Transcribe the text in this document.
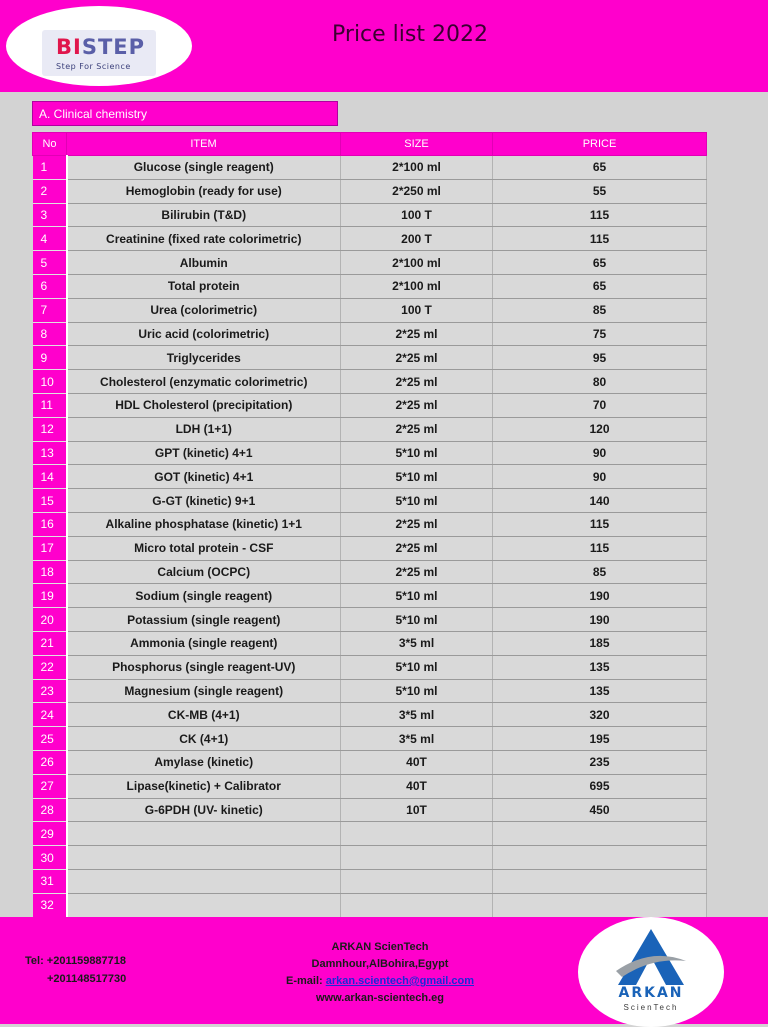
BISTEP
Step For Science
Price list 2022
A. Clinical chemistry
No	ITEM	SIZE	PRICE
1	Glucose (single reagent)	2*100 ml	65
2	Hemoglobin (ready for use)	2*250 ml	55
3	Bilirubin (T&D)	100 T	115
4	Creatinine (fixed rate colorimetric)	200 T	115
5	Albumin	2*100 ml	65
6	Total protein	2*100 ml	65
7	Urea (colorimetric)	100 T	85
8	Uric acid (colorimetric)	2*25 ml	75
9	Triglycerides	2*25 ml	95
10	Cholesterol (enzymatic colorimetric)	2*25 ml	80
11	HDL Cholesterol (precipitation)	2*25 ml	70
12	LDH (1+1)	2*25 ml	120
13	GPT (kinetic) 4+1	5*10 ml	90
14	GOT (kinetic) 4+1	5*10 ml	90
15	G-GT (kinetic) 9+1	5*10 ml	140
16	Alkaline phosphatase (kinetic) 1+1	2*25 ml	115
17	Micro total protein - CSF	2*25 ml	115
18	Calcium (OCPC)	2*25 ml	85
19	Sodium (single reagent)	5*10 ml	190
20	Potassium (single reagent)	5*10 ml	190
21	Ammonia (single reagent)	3*5 ml	185
22	Phosphorus (single reagent-UV)	5*10 ml	135
23	Magnesium (single reagent)	5*10 ml	135
24	CK-MB (4+1)	3*5 ml	320
25	CK (4+1)	3*5 ml	195
26	Amylase (kinetic)	40T	235
27	Lipase(kinetic) + Calibrator	40T	695
28	G-6PDH (UV- kinetic)	10T	450
29			
30			
31			
32			
Tel: +201159887718
+201148517730
ARKAN ScienTech
Damnhour,AlBohira,Egypt
E-mail: arkan.scientech@gmail.com
www.arkan-scientech.eg	ARKAN
ScienTech
